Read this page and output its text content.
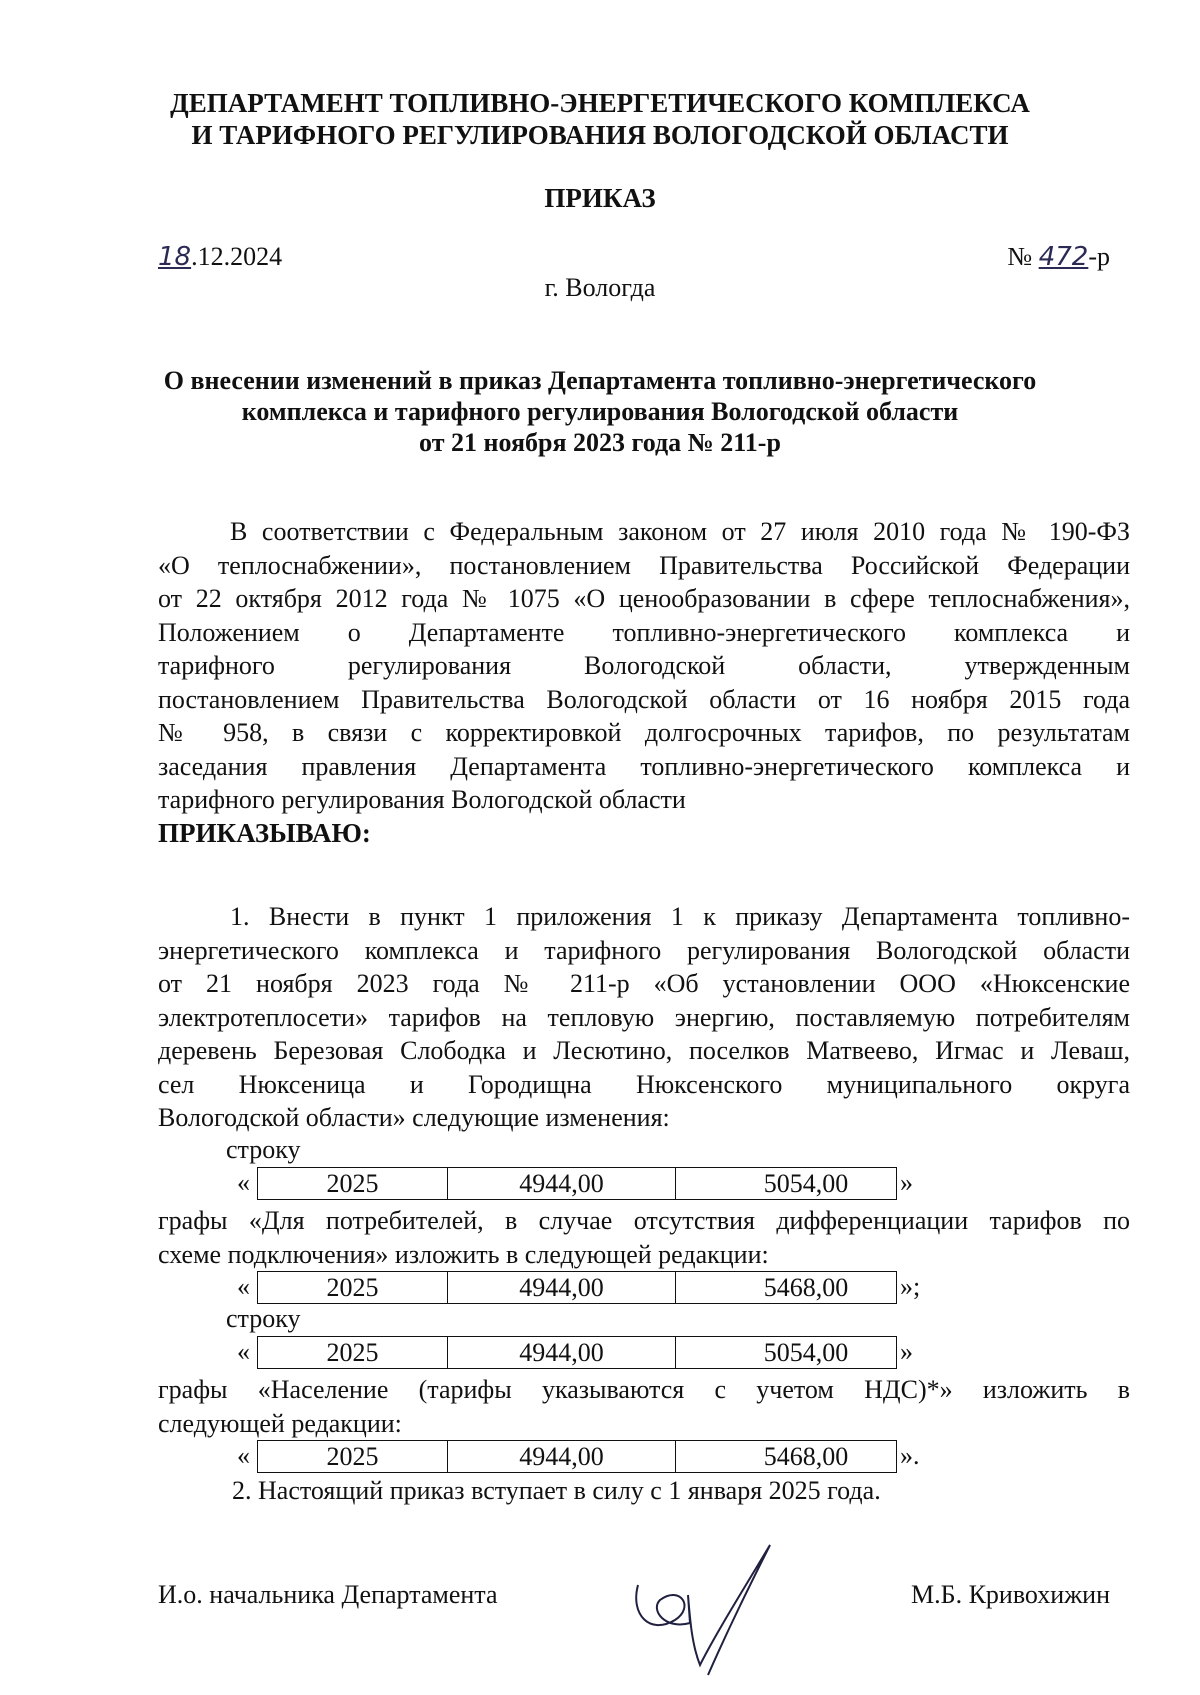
ДЕПАРТАМЕНТ ТОПЛИВНО-ЭНЕРГЕТИЧЕСКОГО КОМПЛЕКСА
И ТАРИФНОГО РЕГУЛИРОВАНИЯ ВОЛОГОДСКОЙ ОБЛАСТИ
ПРИКАЗ
18.12.2024	№ 472-р
г. Вологда
О внесении изменений в приказ Департамента топливно-энергетического
комплекса и тарифного регулирования Вологодской области
от 21 ноября 2023 года № 211-р
В соответствии с Федеральным законом от 27 июля 2010 года № 190-ФЗ
«О теплоснабжении», постановлением Правительства Российской Федерации
от 22 октября 2012 года № 1075 «О ценообразовании в сфере теплоснабжения»,
Положением о Департаменте топливно-энергетического комплекса и
тарифного регулирования Вологодской области, утвержденным
постановлением Правительства Вологодской области от 16 ноября 2015 года
№ 958, в связи с корректировкой долгосрочных тарифов, по результатам
заседания правления Департамента топливно-энергетического комплекса и
тарифного регулирования Вологодской области
ПРИКАЗЫВАЮ:
1. Внести в пункт 1 приложения 1 к приказу Департамента топливно-
энергетического комплекса и тарифного регулирования Вологодской области
от 21 ноября 2023 года № 211-р «Об установлении ООО «Нюксенские
электротеплосети» тарифов на тепловую энергию, поставляемую потребителям
деревень Березовая Слободка и Лесютино, поселков Матвеево, Игмас и Леваш,
сел Нюксеница и Городищна Нюксенского муниципального округа
Вологодской области» следующие изменения:
строку
«	2025	4944,00	5054,00	»
графы «Для потребителей, в случае отсутствия дифференциации тарифов по
схеме подключения» изложить в следующей редакции:
«	2025	4944,00	5468,00	»;
строку
«	2025	4944,00	5054,00	»
графы «Население (тарифы указываются с учетом НДС)*» изложить в
следующей редакции:
«	2025	4944,00	5468,00	».
2. Настоящий приказ вступает в силу с 1 января 2025 года.
И.о. начальника Департамента	М.Б. Кривохижин
